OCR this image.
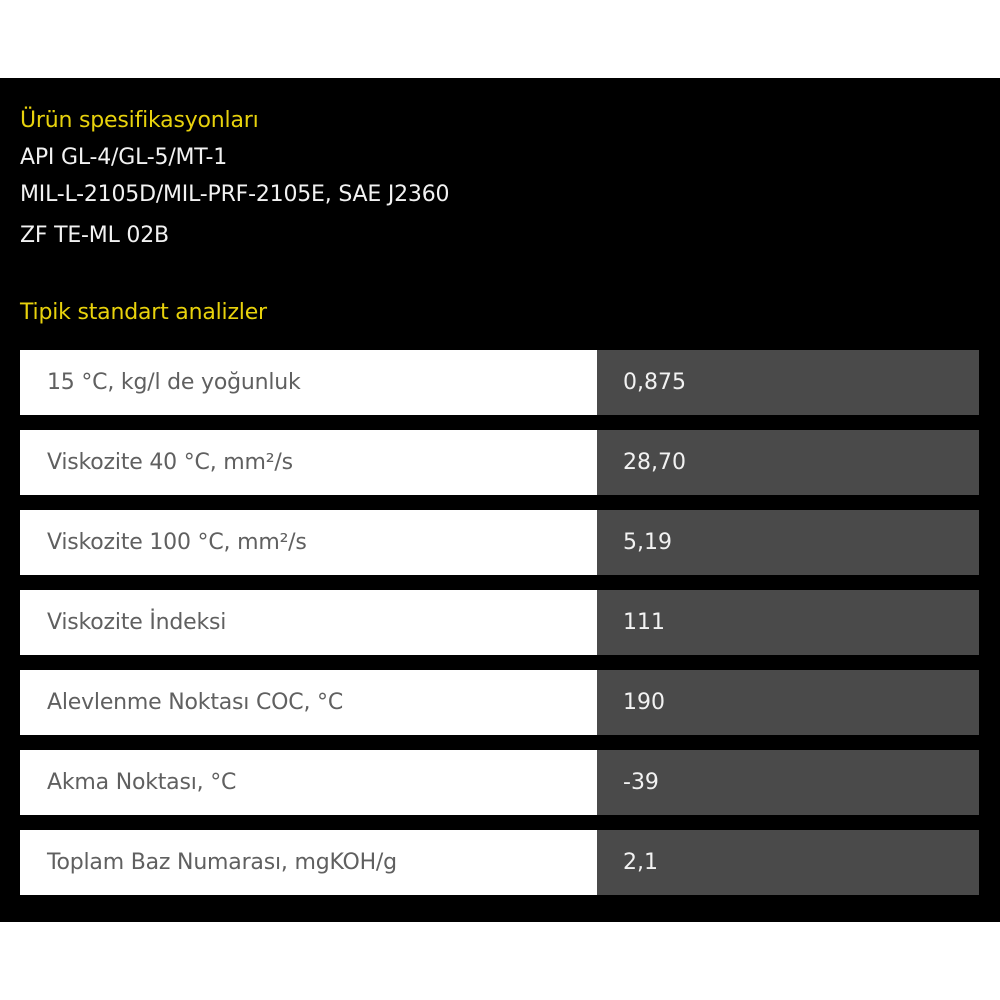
Ürün spesifikasyonları
API GL-4/GL-5/MT-1
MIL-L-2105D/MIL-PRF-2105E, SAE J2360
ZF TE-ML 02B
Tipik standart analizler
15 °C, kg/l de yoğunluk	0,875
Viskozite 40 °C, mm²/s	28,70
Viskozite 100 °C, mm²/s	5,19
Viskozite İndeksi	111
Alevlenme Noktası COC, °C	190
Akma Noktası, °C	-39
Toplam Baz Numarası, mgKOH/g	2,1
